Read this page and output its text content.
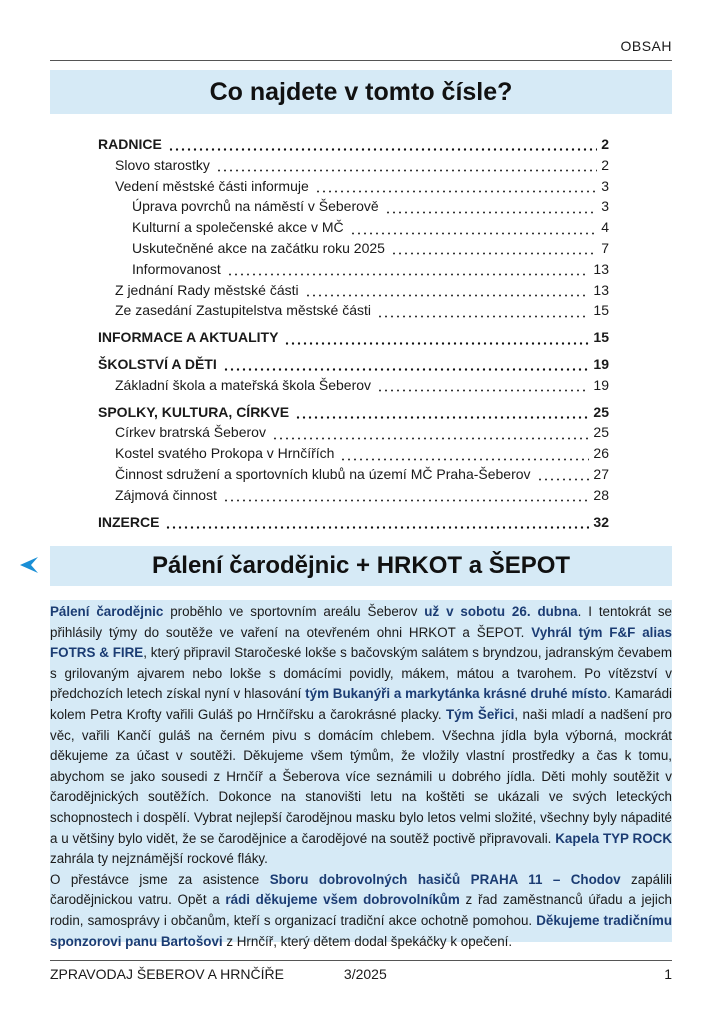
OBSAH
Co najdete v tomto čísle?
RADNICE	2
Slovo starostky	2
Vedení městské části informuje	3
Úprava povrchů na náměstí v Šeberově	3
Kulturní a společenské akce v MČ	4
Uskutečněné akce na začátku roku 2025	7
Informovanost	13
Z jednání Rady městské části	13
Ze zasedání Zastupitelstva městské části	15
INFORMACE A AKTUALITY	15
ŠKOLSTVÍ A DĚTI	19
Základní škola a mateřská škola Šeberov	19
SPOLKY, KULTURA, CÍRKVE	25
Církev bratrská Šeberov	25
Kostel svatého Prokopa v Hrnčířích	26
Činnost sdružení a sportovních klubů na území MČ Praha-Šeberov	27
Zájmová činnost	28
INZERCE	32
Pálení čarodějnic + HRKOT a ŠEPOT

Pálení čarodějnic proběhlo ve sportovním areálu Šeberov už v sobotu 26. dubna. I tentokrát se přihlásily týmy do soutěže ve vaření na otevřeném ohni HRKOT a ŠEPOT. Vyhrál tým F&F alias FOTRS & FIRE, který připravil Staročeské lokše s bačovským salátem s bryndzou, jadranským čevabem s grilovaným ajvarem nebo lokše s domácími povidly, mákem, mátou a tvarohem. Po vítězství v předchozích letech získal nyní v hlasování tým Bukanýři a markytánka krásné druhé místo. Kamarádi kolem Petra Krofty vařili Guláš po Hrnčířsku a čarokrásné placky. Tým Šeřici, naši mladí a nadšení pro věc, vařili Kančí guláš na černém pivu s domácím chlebem. Všechna jídla byla výborná, mockrát děkujeme za účast v soutěži. Děkujeme všem týmům, že vložily vlastní prostředky a čas k tomu, abychom se jako sousedi z Hrnčíř a Šeberova více seznámili u dobrého jídla. Děti mohly soutěžit v čarodějnických soutěžích. Dokonce na stanovišti letu na koštěti se ukázali ve svých leteckých schopnostech i dospělí. Vybrat nejlepší čarodějnou masku bylo letos velmi složité, všechny byly nápadité a u většiny bylo vidět, že se čarodějnice a čarodějové na soutěž poctivě připravovali. Kapela TYP ROCK zahrála ty nejznámější rockové fláky.

O přestávce jsme za asistence Sboru dobrovolných hasičů PRAHA 11 – Chodov zapálili čarodějnickou vatru. Opět a rádi děkujeme všem dobrovolníkům z řad zaměstnanců úřadu a jejich rodin, samosprávy i občanům, kteří s organizací tradiční akce ochotně pomohou. Děkujeme tradičnímu sponzorovi panu Bartošovi z Hrnčíř, který dětem dodal špekáčky k opečení.

ZPRAVODAJ ŠEBEROV A HRNČÍŘE	3/2025	1
